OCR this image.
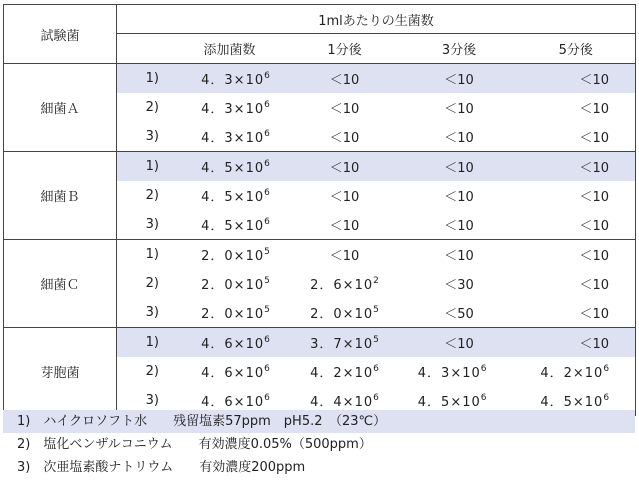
試験菌	1mlあたりの生菌数				
		添加菌数	1分後	3分後	5分後
細菌Ａ	1)	4．$3\times 10^6$	＜10	＜10	＜10
	2)	4．$3\times 10^6$	＜10	＜10	＜10
	3)	4．$3\times 10^6$	＜10	＜10	＜10
細菌Ｂ	1)	4．$5\times 10^6$	＜10	＜10	＜10
	2)	4．$5\times 10^6$	＜10	＜10	＜10
	3)	4．$5\times 10^6$	＜10	＜10	＜10
細菌Ｃ	1)	2．$0\times 10^5$	＜10	＜10	＜10
	2)	2．$0\times 10^5$	2．$6\times 10^2$	＜30	＜10
	3)	2．$0\times 10^5$	2．$0\times 10^5$	＜50	＜10
芽胞菌	1)	4．$6\times 10^6$	3．$7\times 10^5$	＜10	＜10
	2)	4．$6\times 10^6$	4．$2\times 10^6$	4．$3\times 10^6$	4．$2\times 10^6$
	3)	4．$6\times 10^6$	4．$4\times 10^6$	4．$5\times 10^6$	4．$5\times 10^6$
1)　ハイクロソフト水　　残留塩素57ppm　pH5.2　（23℃）
2)　塩化ベンザルコニウム　　有効濃度0.05%（500ppm）
3)　次亜塩素酸ナトリウム　　有効濃度200ppm
